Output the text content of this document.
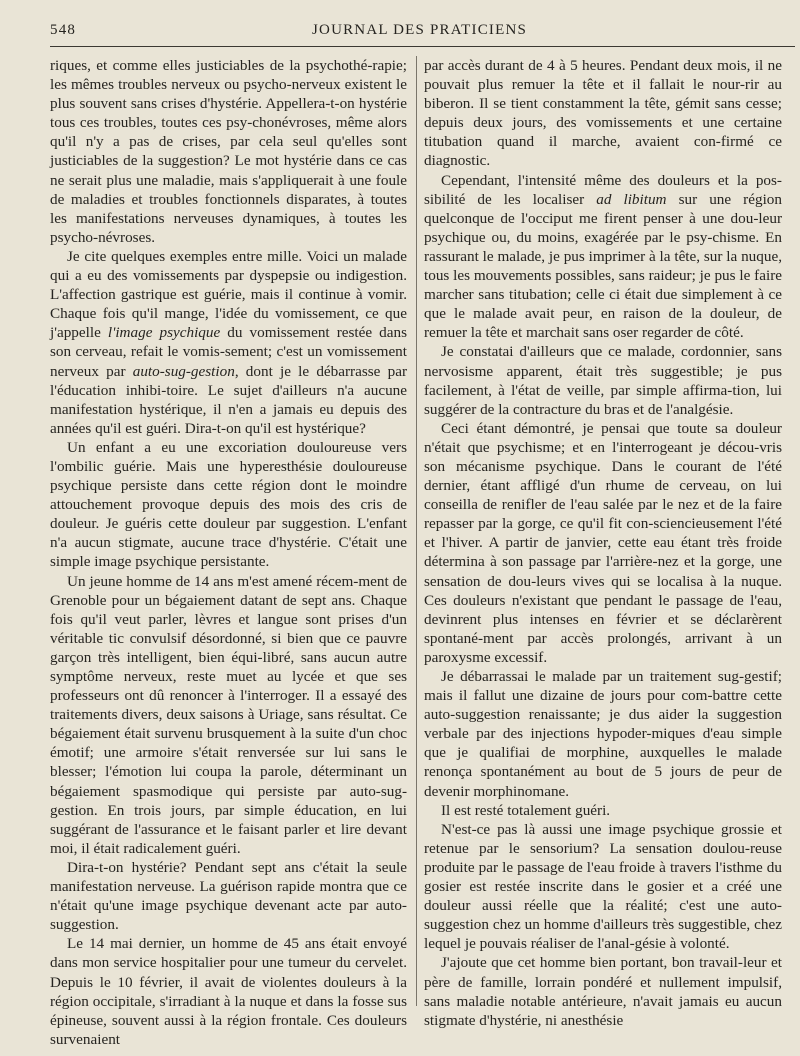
548	JOURNAL DES PRATICIENS

riques, et comme elles justiciables de la psychothé-rapie; les mêmes troubles nerveux ou psycho-nerveux existent le plus souvent sans crises d'hystérie. Appellera-t-on hystérie tous ces troubles, toutes ces psy-chonévroses, même alors qu'il n'y a pas de crises, par cela seul qu'elles sont justiciables de la suggestion? Le mot hystérie dans ce cas ne serait plus une maladie, mais s'appliquerait à une foule de maladies et troubles fonctionnels disparates, à toutes les manifestations nerveuses dynamiques, à toutes les psycho-névroses.

Je cite quelques exemples entre mille. Voici un malade qui a eu des vomissements par dyspepsie ou indigestion. L'affection gastrique est guérie, mais il continue à vomir. Chaque fois qu'il mange, l'idée du vomissement, ce que j'appelle l'image psychique du vomissement restée dans son cerveau, refait le vomis-sement; c'est un vomissement nerveux par auto-sug-gestion, dont je le débarrasse par l'éducation inhibi-toire. Le sujet d'ailleurs n'a aucune manifestation hystérique, il n'en a jamais eu depuis des années qu'il est guéri. Dira-t-on qu'il est hystérique?

Un enfant a eu une excoriation douloureuse vers l'ombilic guérie. Mais une hyperesthésie douloureuse psychique persiste dans cette région dont le moindre attouchement provoque depuis des mois des cris de douleur. Je guéris cette douleur par suggestion. L'enfant n'a aucun stigmate, aucune trace d'hystérie. C'était une simple image psychique persistante.

Un jeune homme de 14 ans m'est amené récem-ment de Grenoble pour un bégaiement datant de sept ans. Chaque fois qu'il veut parler, lèvres et langue sont prises d'un véritable tic convulsif désordonné, si bien que ce pauvre garçon très intelligent, bien équi-libré, sans aucun autre symptôme nerveux, reste muet au lycée et que ses professeurs ont dû renoncer à l'interroger. Il a essayé des traitements divers, deux saisons à Uriage, sans résultat. Ce bégaiement était survenu brusquement à la suite d'un choc émotif; une armoire s'était renversée sur lui sans le blesser; l'émotion lui coupa la parole, déterminant un bégaiement spasmodique qui persiste par auto-sug-gestion. En trois jours, par simple éducation, en lui suggérant de l'assurance et le faisant parler et lire devant moi, il était radicalement guéri.

Dira-t-on hystérie? Pendant sept ans c'était la seule manifestation nerveuse. La guérison rapide montra que ce n'était qu'une image psychique devenant acte par auto-suggestion.

Le 14 mai dernier, un homme de 45 ans était envoyé dans mon service hospitalier pour une tumeur du cervelet. Depuis le 10 février, il avait de violentes douleurs à la région occipitale, s'irradiant à la nuque et dans la fosse sus épineuse, souvent aussi à la région frontale. Ces douleurs survenaient

par accès durant de 4 à 5 heures. Pendant deux mois, il ne pouvait plus remuer la tête et il fallait le nour-rir au biberon. Il se tient constamment la tête, gémit sans cesse; depuis deux jours, des vomissements et une certaine titubation quand il marche, avaient con-firmé ce diagnostic.

Cependant, l'intensité même des douleurs et la pos-sibilité de les localiser ad libitum sur une région quelconque de l'occiput me firent penser à une dou-leur psychique ou, du moins, exagérée par le psy-chisme. En rassurant le malade, je pus imprimer à la tête, sur la nuque, tous les mouvements possibles, sans raideur; je pus le faire marcher sans titubation; celle ci était due simplement à ce que le malade avait peur, en raison de la douleur, de remuer la tête et marchait sans oser regarder de côté.

Je constatai d'ailleurs que ce malade, cordonnier, sans nervosisme apparent, était très suggestible; je pus facilement, à l'état de veille, par simple affirma-tion, lui suggérer de la contracture du bras et de l'analgésie.

Ceci étant démontré, je pensai que toute sa douleur n'était que psychisme; et en l'interrogeant je décou-vris son mécanisme psychique. Dans le courant de l'été dernier, étant affligé d'un rhume de cerveau, on lui conseilla de renifler de l'eau salée par le nez et de la faire repasser par la gorge, ce qu'il fit con-sciencieusement l'été et l'hiver. A partir de janvier, cette eau étant très froide détermina à son passage par l'arrière-nez et la gorge, une sensation de dou-leurs vives qui se localisa à la nuque. Ces douleurs n'existant que pendant le passage de l'eau, devinrent plus intenses en février et se déclarèrent spontané-ment par accès prolongés, arrivant à un paroxysme excessif.

Je débarrassai le malade par un traitement sug-gestif; mais il fallut une dizaine de jours pour com-battre cette auto-suggestion renaissante; je dus aider la suggestion verbale par des injections hypoder-miques d'eau simple que je qualifiai de morphine, auxquelles le malade renonça spontanément au bout de 5 jours de peur de devenir morphinomane.

Il est resté totalement guéri.

N'est-ce pas là aussi une image psychique grossie et retenue par le sensorium? La sensation doulou-reuse produite par le passage de l'eau froide à travers l'isthme du gosier est restée inscrite dans le gosier et a créé une douleur aussi réelle que la réalité; c'est une auto-suggestion chez un homme d'ailleurs très suggestible, chez lequel je pouvais réaliser de l'anal-gésie à volonté.

J'ajoute que cet homme bien portant, bon travail-leur et père de famille, lorrain pondéré et nullement impulsif, sans maladie notable antérieure, n'avait jamais eu aucun stigmate d'hystérie, ni anesthésie
